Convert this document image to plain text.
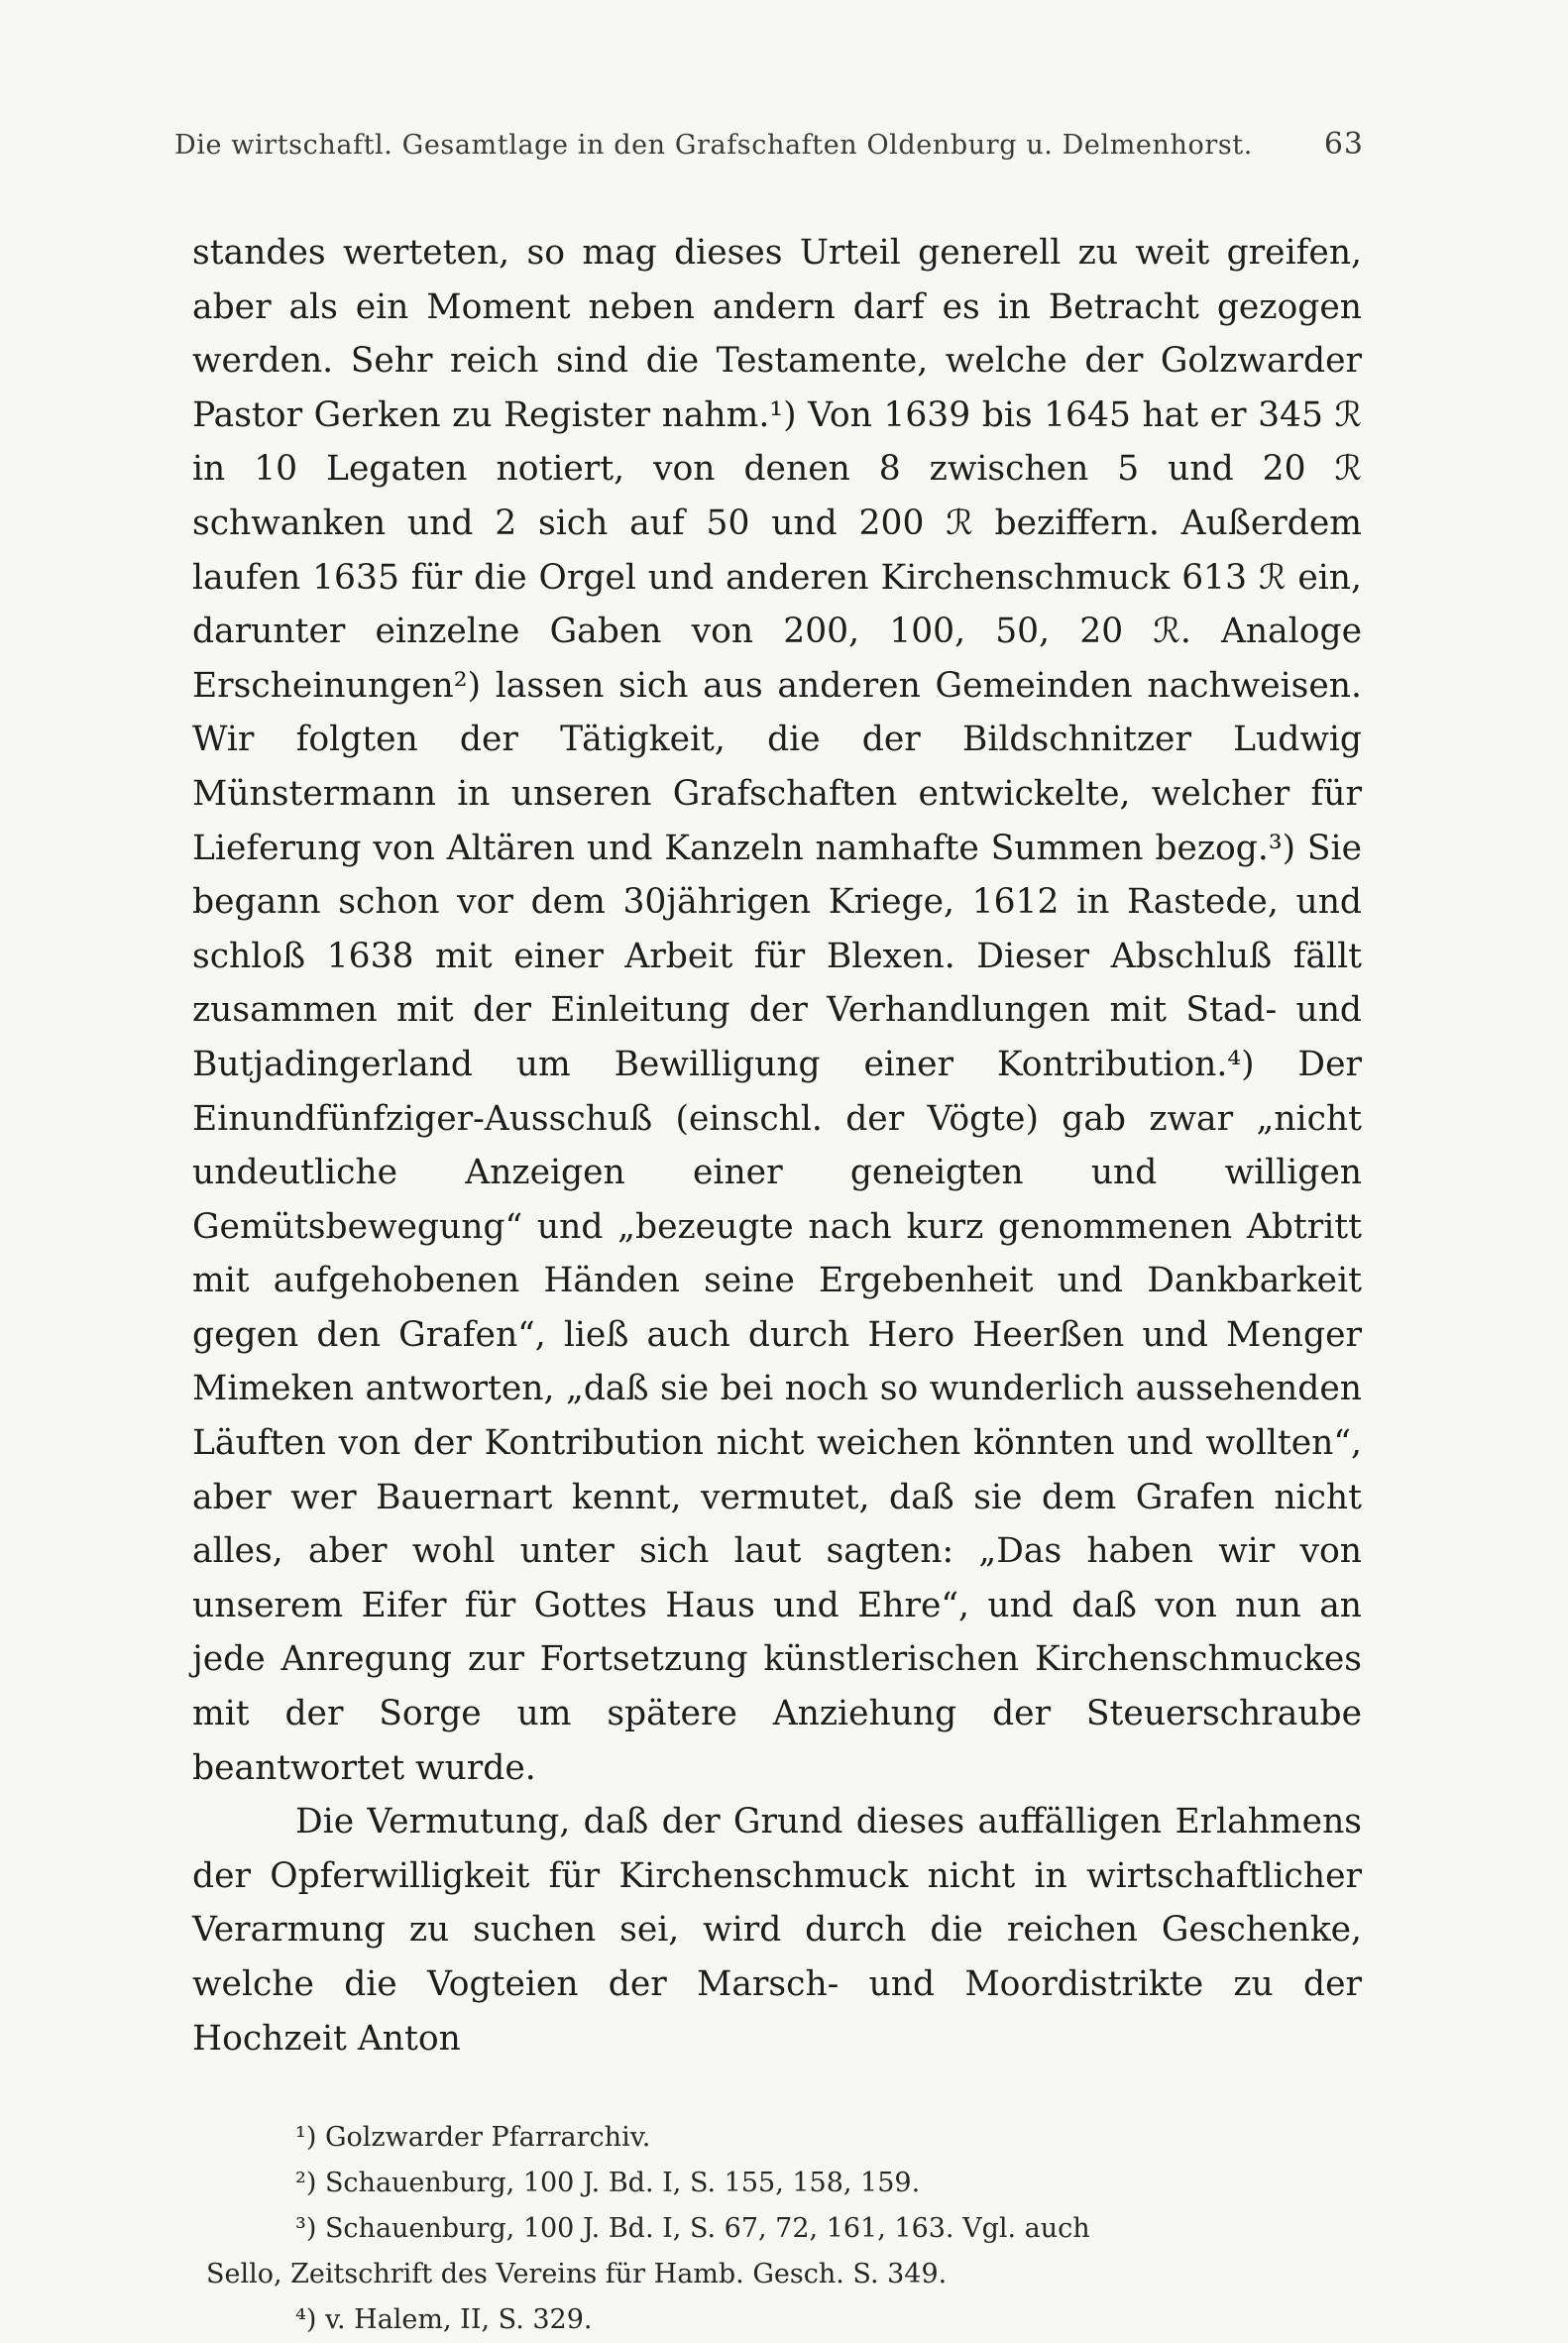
Die wirtschaftl. Gesamtlage in den Grafschaften Oldenburg u. Delmenhorst. 63

standes werteten, so mag dieses Urteil generell zu weit greifen, aber als ein Moment neben andern darf es in Betracht gezogen werden. Sehr reich sind die Testamente, welche der Golzwarder Pastor Gerken zu Register nahm.¹) Von 1639 bis 1645 hat er 345 ℛ in 10 Legaten notiert, von denen 8 zwischen 5 und 20 ℛ schwanken und 2 sich auf 50 und 200 ℛ beziffern. Außerdem laufen 1635 für die Orgel und anderen Kirchenschmuck 613 ℛ ein, darunter einzelne Gaben von 200, 100, 50, 20 ℛ. Analoge Erscheinungen²) lassen sich aus anderen Gemeinden nachweisen. Wir folgten der Tätigkeit, die der Bildschnitzer Ludwig Münstermann in unseren Grafschaften entwickelte, welcher für Lieferung von Altären und Kanzeln namhafte Summen bezog.³) Sie begann schon vor dem 30jährigen Kriege, 1612 in Rastede, und schloß 1638 mit einer Arbeit für Blexen. Dieser Abschluß fällt zusammen mit der Einleitung der Verhandlungen mit Stad- und Butjadingerland um Bewilligung einer Kontribution.⁴) Der Einundfünfziger-Ausschuß (einschl. der Vögte) gab zwar „nicht undeutliche Anzeigen einer geneigten und willigen Gemütsbewegung“ und „bezeugte nach kurz genommenen Abtritt mit aufgehobenen Händen seine Ergebenheit und Dankbarkeit gegen den Grafen“, ließ auch durch Hero Heerßen und Menger Mimeken antworten, „daß sie bei noch so wunderlich aussehenden Läuften von der Kontribution nicht weichen könnten und wollten“, aber wer Bauernart kennt, vermutet, daß sie dem Grafen nicht alles, aber wohl unter sich laut sagten: „Das haben wir von unserem Eifer für Gottes Haus und Ehre“, und daß von nun an jede Anregung zur Fortsetzung künstlerischen Kirchenschmuckes mit der Sorge um spätere Anziehung der Steuerschraube beantwortet wurde.

Die Vermutung, daß der Grund dieses auffälligen Erlahmens der Opferwilligkeit für Kirchenschmuck nicht in wirtschaftlicher Verarmung zu suchen sei, wird durch die reichen Geschenke, welche die Vogteien der Marsch- und Moordistrikte zu der Hochzeit Anton

¹) Golzwarder Pfarrarchiv.
²) Schauenburg, 100 J. Bd. I, S. 155, 158, 159.
³) Schauenburg, 100 J. Bd. I, S. 67, 72, 161, 163. Vgl. auch
Sello, Zeitschrift des Vereins für Hamb. Gesch. S. 349.
⁴) v. Halem, II, S. 329.
